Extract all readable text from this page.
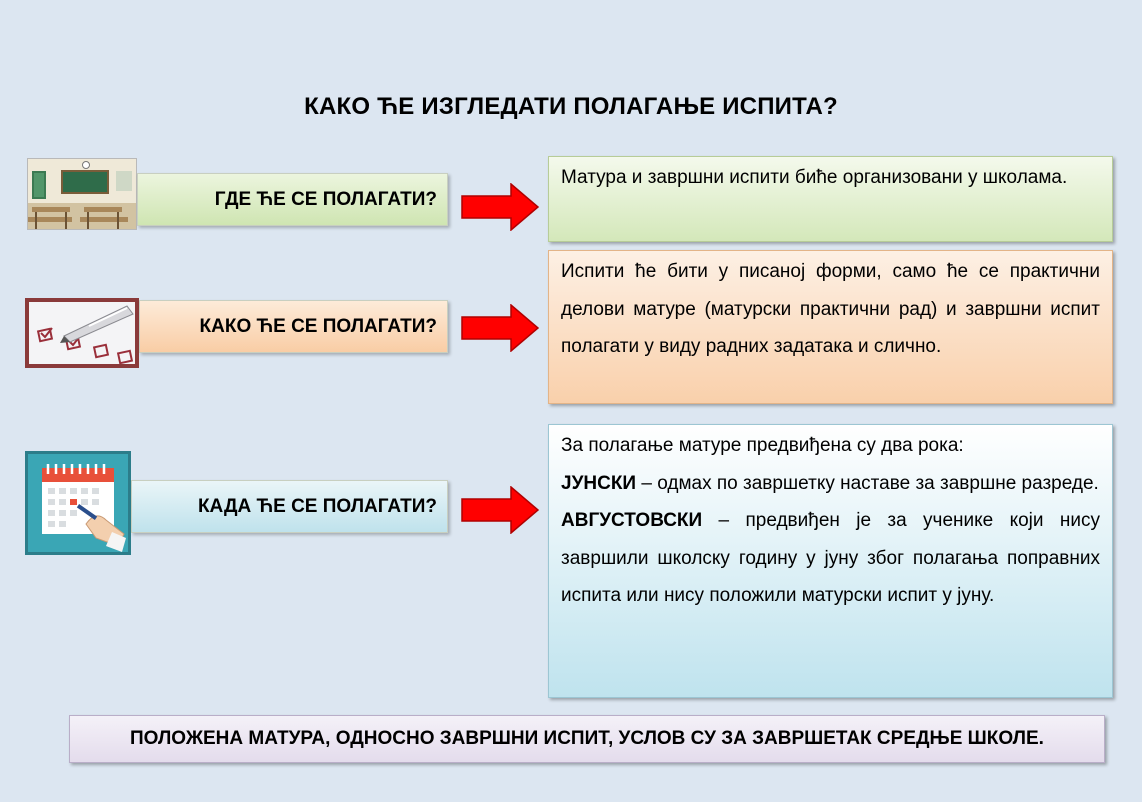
КАКО ЋЕ ИЗГЛЕДАТИ ПОЛАГАЊЕ ИСПИТА?
ГДЕ ЋЕ СЕ ПОЛАГАТИ?

Матура и завршни испити биће организовани у школама.

КАКО ЋЕ СЕ ПОЛАГАТИ?

Испити ће бити у писаној форми, само ће се практични делови матуре (матурски практични рад) и завршни испит полагати у виду радних задатака и слично.

КАДА ЋЕ СЕ ПОЛАГАТИ?

За полагање матуре предвиђена су два рока:

ЈУНСКИ – одмах по завршетку наставе за завршне разреде.

АВГУСТОВСКИ – предвиђен је за ученике који нису завршили школску годину у јуну због полагања поправних испита или нису положили матурски испит у јуну.

ПОЛОЖЕНА МАТУРА, ОДНОСНО ЗАВРШНИ ИСПИТ, УСЛОВ СУ ЗА ЗАВРШЕТАК СРЕДЊЕ ШКОЛЕ.
